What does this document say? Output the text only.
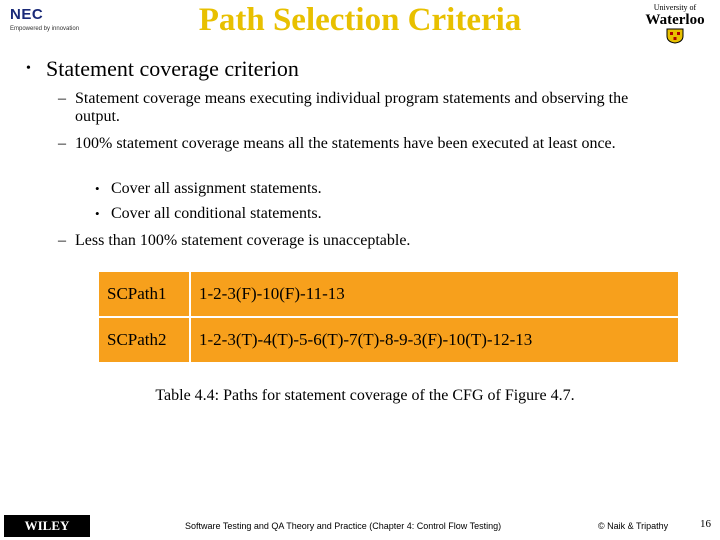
NEC
Empowered by innovation	Path Selection Criteria	University of
Waterloo
• Statement coverage criterion
– Statement coverage means executing individual program statements and observing the output.
– 100% statement coverage means all the statements have been executed at least once.
• Cover all assignment statements.
• Cover all conditional statements.
– Less than 100% statement coverage is unacceptable.
SCPath1	1-2-3(F)-10(F)-11-13
SCPath2	1-2-3(T)-4(T)-5-6(T)-7(T)-8-9-3(F)-10(T)-12-13
Table 4.4: Paths for statement coverage of the CFG of Figure 4.7.
WILEY	Software Testing and QA Theory and Practice (Chapter 4: Control Flow Testing)	© Naik & Tripathy	16
